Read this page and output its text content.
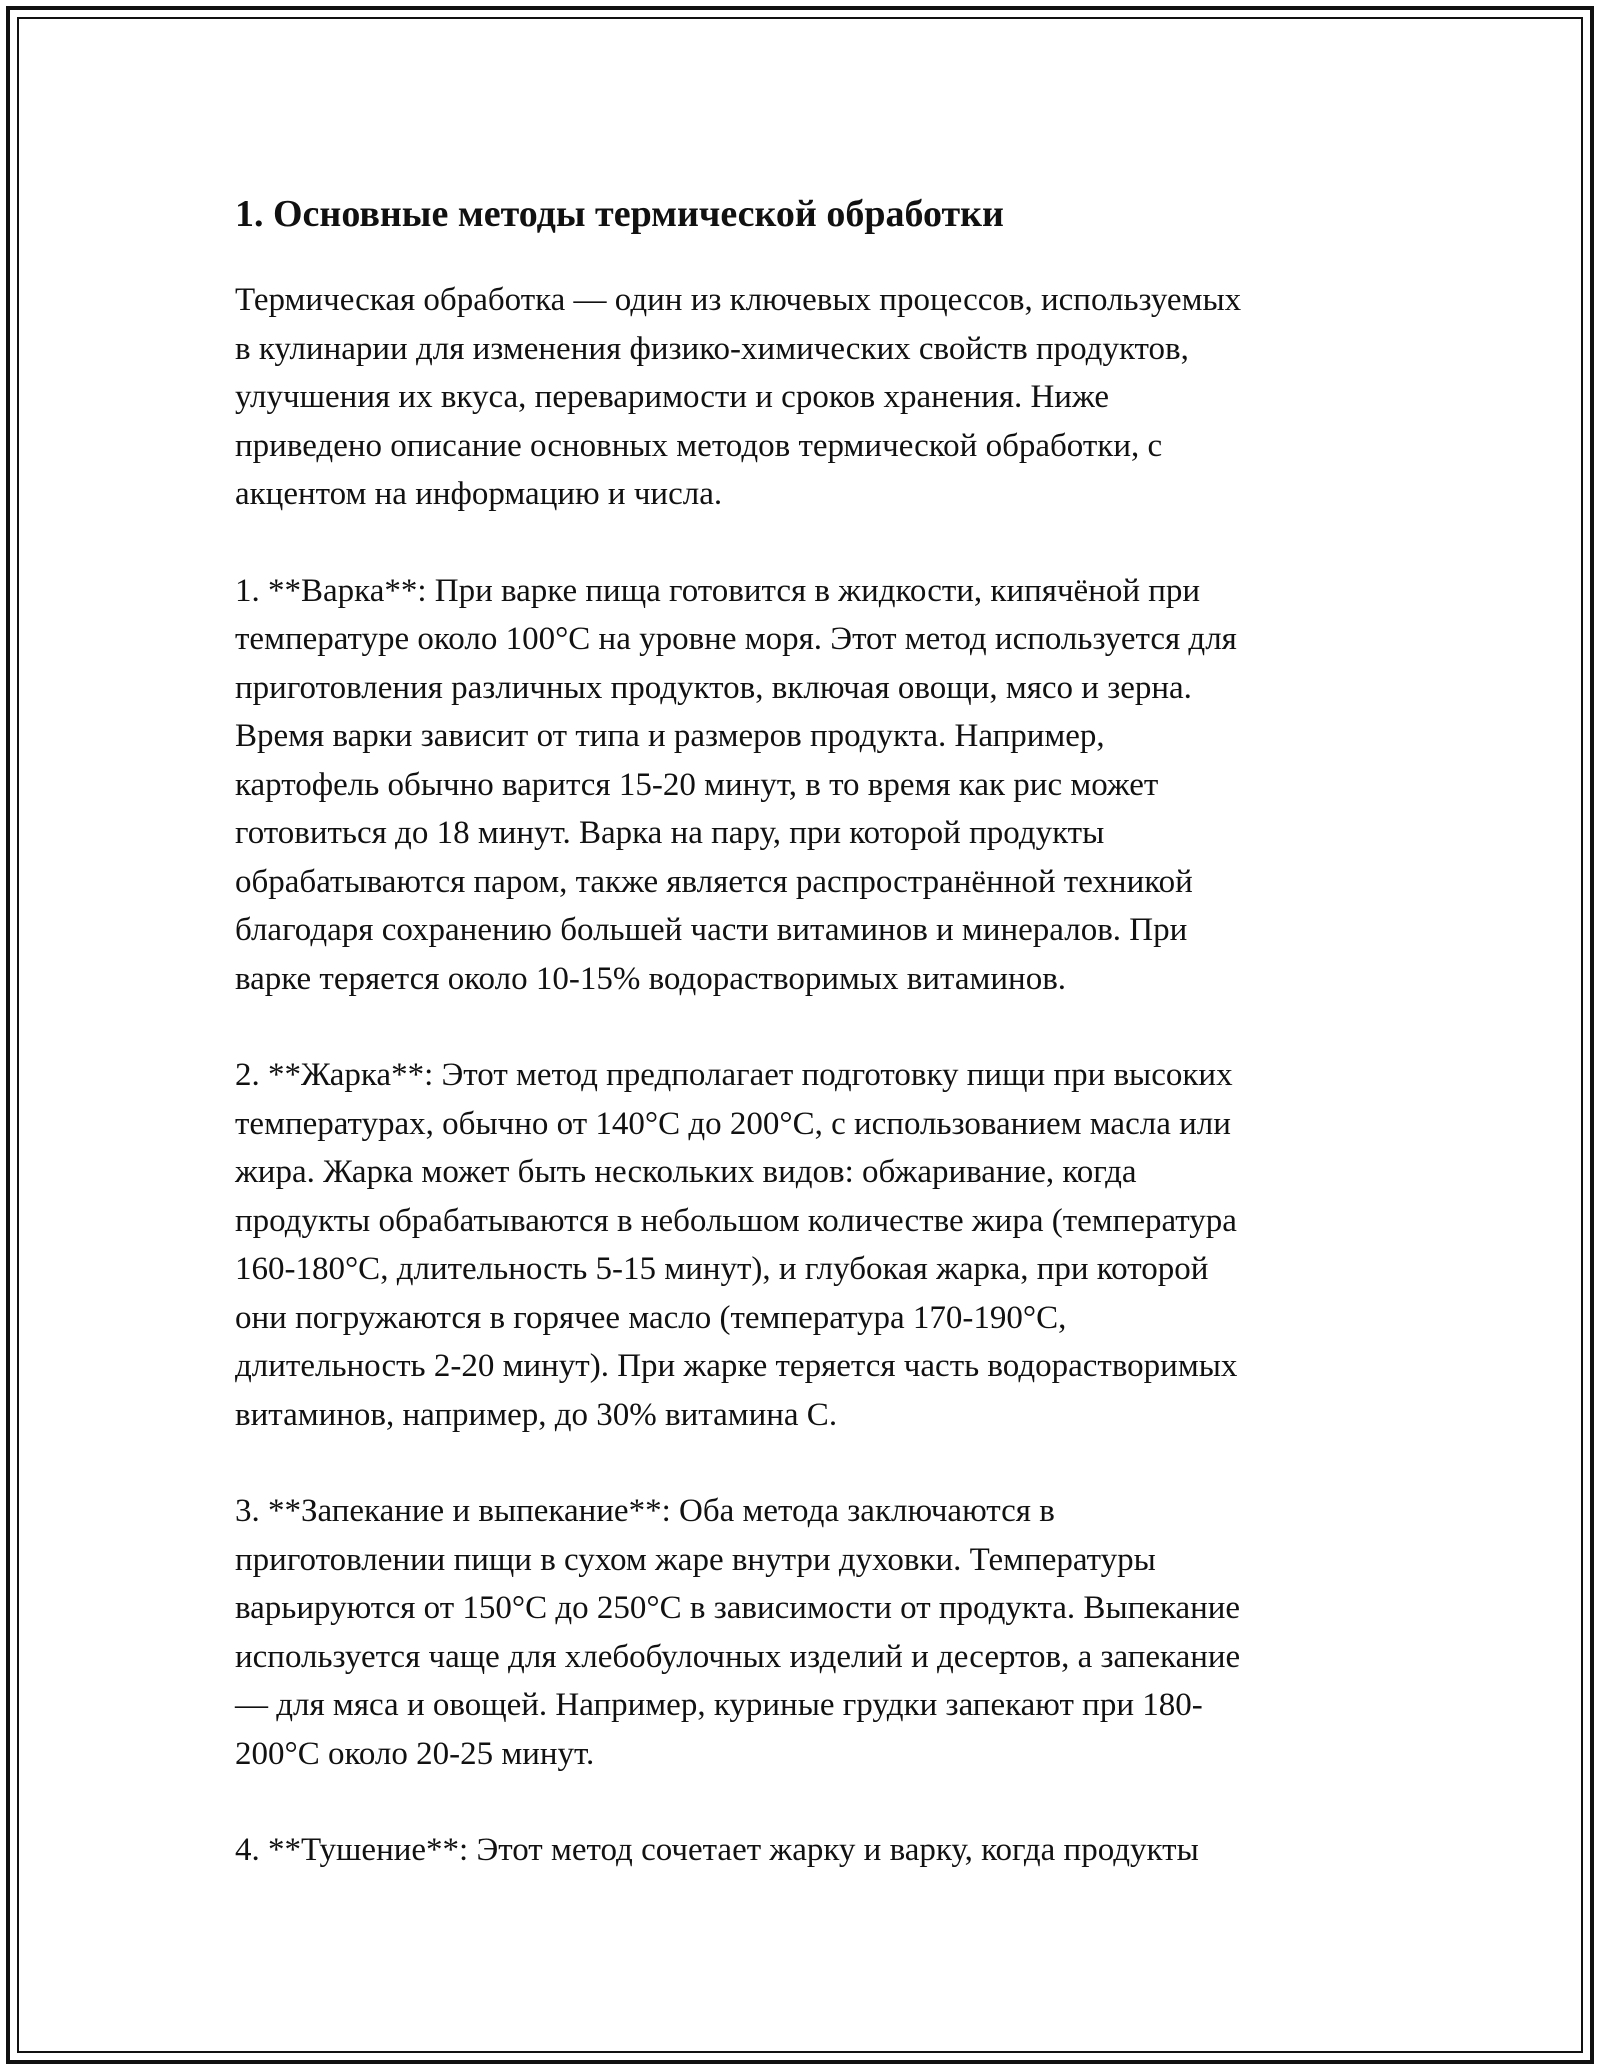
1. Основные методы термической обработки

Термическая обработка — один из ключевых процессов, используемых
в кулинарии для изменения физико-химических свойств продуктов,
улучшения их вкуса, переваримости и сроков хранения. Ниже
приведено описание основных методов термической обработки, с
акцентом на информацию и числа.

1. **Варка**: При варке пища готовится в жидкости, кипячёной при
температуре около 100°C на уровне моря. Этот метод используется для
приготовления различных продуктов, включая овощи, мясо и зерна.
Время варки зависит от типа и размеров продукта. Например,
картофель обычно варится 15-20 минут, в то время как рис может
готовиться до 18 минут. Варка на пару, при которой продукты
обрабатываются паром, также является распространённой техникой
благодаря сохранению большей части витаминов и минералов. При
варке теряется около 10-15% водорастворимых витаминов.

2. **Жарка**: Этот метод предполагает подготовку пищи при высоких
температурах, обычно от 140°C до 200°C, с использованием масла или
жира. Жарка может быть нескольких видов: обжаривание, когда
продукты обрабатываются в небольшом количестве жира (температура
160-180°C, длительность 5-15 минут), и глубокая жарка, при которой
они погружаются в горячее масло (температура 170-190°C,
длительность 2-20 минут). При жарке теряется часть водорастворимых
витаминов, например, до 30% витамина C.

3. **Запекание и выпекание**: Оба метода заключаются в
приготовлении пищи в сухом жаре внутри духовки. Температуры
варьируются от 150°C до 250°C в зависимости от продукта. Выпекание
используется чаще для хлебобулочных изделий и десертов, а запекание
— для мяса и овощей. Например, куриные грудки запекают при 180-
200°C около 20-25 минут.

4. **Тушение**: Этот метод сочетает жарку и варку, когда продукты
